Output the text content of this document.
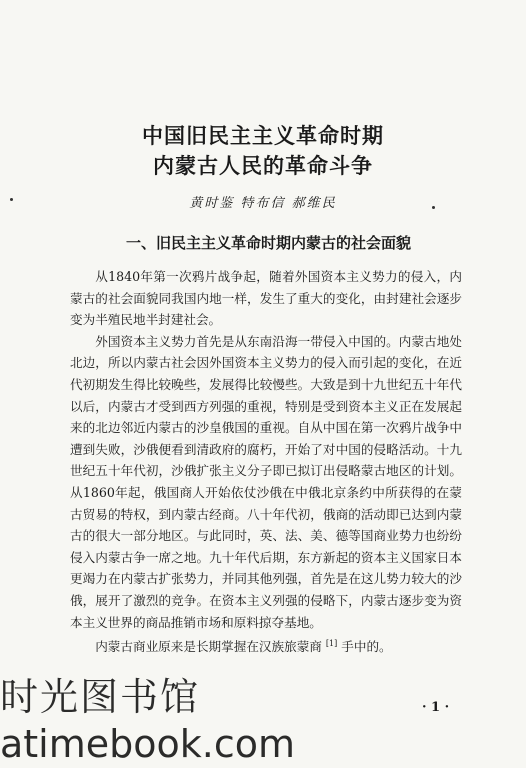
中国旧民主主义革命时期
内蒙古人民的革命斗争
黄时鉴 特布信 郝维民
一、旧民主主义革命时期内蒙古的社会面貌

从1840年第一次鸦片战争起，随着外国资本主义势力的侵入，内蒙古的社会面貌同我国内地一样，发生了重大的变化，由封建社会逐步变为半殖民地半封建社会。

外国资本主义势力首先是从东南沿海一带侵入中国的。内蒙古地处北边，所以内蒙古社会因外国资本主义势力的侵入而引起的变化，在近代初期发生得比较晚些，发展得比较慢些。大致是到十九世纪五十年代以后，内蒙古才受到西方列强的重视，特别是受到资本主义正在发展起来的北边邻近内蒙古的沙皇俄国的重视。自从中国在第一次鸦片战争中遭到失败，沙俄便看到清政府的腐朽，开始了对中国的侵略活动。十九世纪五十年代初，沙俄扩张主义分子即已拟订出侵略蒙古地区的计划。从1860年起，俄国商人开始依仗沙俄在中俄北京条约中所获得的在蒙古贸易的特权，到内蒙古经商。八十年代初，俄商的活动即已达到内蒙古的很大一部分地区。与此同时，英、法、美、德等国商业势力也纷纷侵入内蒙古争一席之地。九十年代后期，东方新起的资本主义国家日本更竭力在内蒙古扩张势力，并同其他列强，首先是在这儿势力较大的沙俄，展开了激烈的竞争。在资本主义列强的侵略下，内蒙古逐步变为资本主义世界的商品推销市场和原料掠夺基地。

内蒙古商业原来是长期掌握在汉族旅蒙商 [1] 手中的。

· 1 ·
时光图书馆
atimebook.com
